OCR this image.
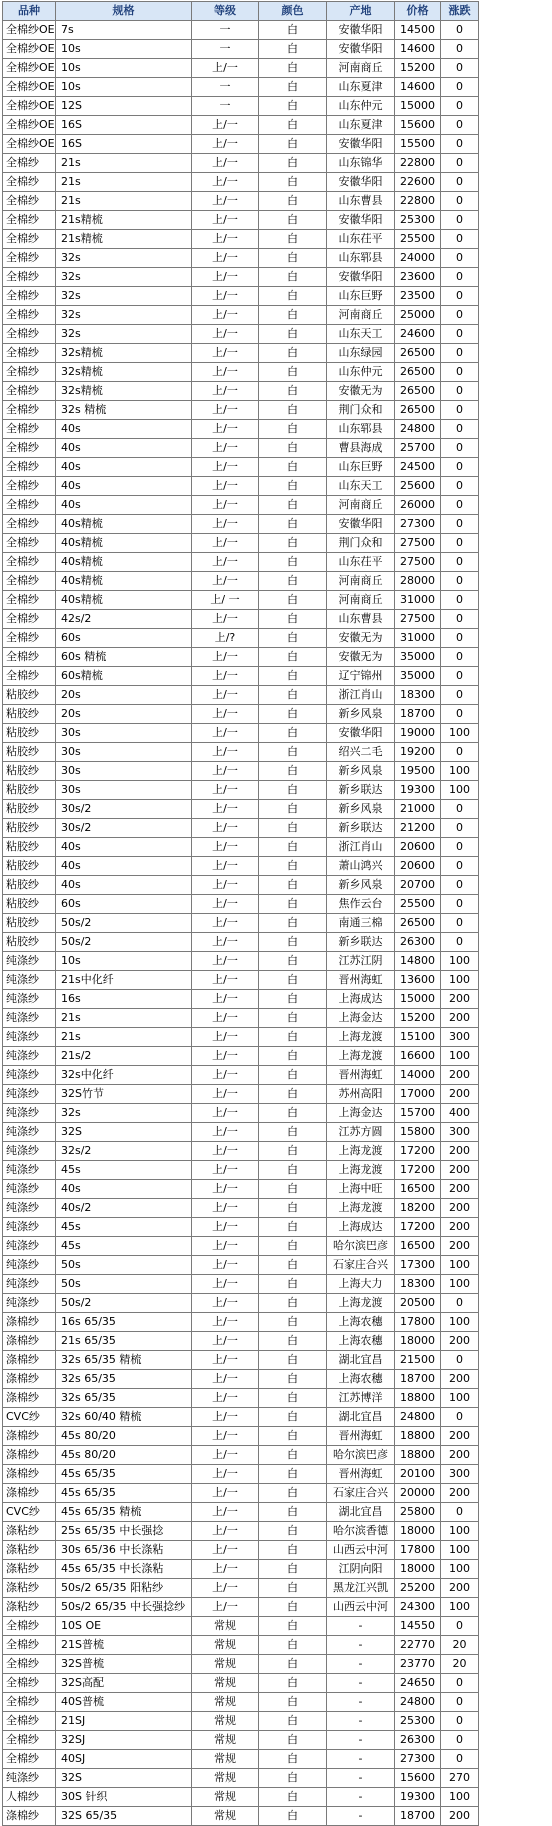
品种	规格	等级	颜色	产地	价格	涨跌
全棉纱OE	7s	一	白	安徽华阳	14500	0
全棉纱OE	10s	一	白	安徽华阳	14600	0
全棉纱OE	10s	上/一	白	河南商丘	15200	0
全棉纱OE	10s	一	白	山东夏津	14600	0
全棉纱OE	12S	一	白	山东仲元	15000	0
全棉纱OE	16S	上/一	白	山东夏津	15600	0
全棉纱OE	16S	上/一	白	安徽华阳	15500	0
全棉纱	21s	上/一	白	山东锦华	22800	0
全棉纱	21s	上/一	白	安徽华阳	22600	0
全棉纱	21s	上/一	白	山东曹县	22800	0
全棉纱	21s精梳	上/一	白	安徽华阳	25300	0
全棉纱	21s精梳	上/一	白	山东茌平	25500	0
全棉纱	32s	上/一	白	山东郓县	24000	0
全棉纱	32s	上/一	白	安徽华阳	23600	0
全棉纱	32s	上/一	白	山东巨野	23500	0
全棉纱	32s	上/一	白	河南商丘	25000	0
全棉纱	32s	上/一	白	山东天工	24600	0
全棉纱	32s精梳	上/一	白	山东绿园	26500	0
全棉纱	32s精梳	上/一	白	山东仲元	26500	0
全棉纱	32s精梳	上/一	白	安徽无为	26500	0
全棉纱	32s 精梳	上/一	白	荆门众和	26500	0
全棉纱	40s	上/一	白	山东郓县	24800	0
全棉纱	40s	上/一	白	曹县海成	25700	0
全棉纱	40s	上/一	白	山东巨野	24500	0
全棉纱	40s	上/一	白	山东天工	25600	0
全棉纱	40s	上/一	白	河南商丘	26000	0
全棉纱	40s精梳	上/一	白	安徽华阳	27300	0
全棉纱	40s精梳	上/一	白	荆门众和	27500	0
全棉纱	40s精梳	上/一	白	山东茌平	27500	0
全棉纱	40s精梳	上/一	白	河南商丘	28000	0
全棉纱	40s精梳	上/ 一	白	河南商丘	31000	0
全棉纱	42s/2	上/一	白	山东曹县	27500	0
全棉纱	60s	上/?	白	安徽无为	31000	0
全棉纱	60s 精梳	上/一	白	安徽无为	35000	0
全棉纱	60s精梳	上/一	白	辽宁锦州	35000	0
粘胶纱	20s	上/一	白	浙江肖山	18300	0
粘胶纱	20s	上/一	白	新乡风泉	18700	0
粘胶纱	30s	上/一	白	安徽华阳	19000	100
粘胶纱	30s	上/一	白	绍兴二毛	19200	0
粘胶纱	30s	上/一	白	新乡风泉	19500	100
粘胶纱	30s	上/一	白	新乡联达	19300	100
粘胶纱	30s/2	上/一	白	新乡风泉	21000	0
粘胶纱	30s/2	上/一	白	新乡联达	21200	0
粘胶纱	40s	上/一	白	浙江肖山	20600	0
粘胶纱	40s	上/一	白	萧山鸿兴	20600	0
粘胶纱	40s	上/一	白	新乡风泉	20700	0
粘胶纱	60s	上/一	白	焦作云台	25500	0
粘胶纱	50s/2	上/一	白	南通三棉	26500	0
粘胶纱	50s/2	上/一	白	新乡联达	26300	0
纯涤纱	10s	上/一	白	江苏江阴	14800	100
纯涤纱	21s中化纤	上/一	白	晋州海虹	13600	100
纯涤纱	16s	上/一	白	上海成达	15000	200
纯涤纱	21s	上/一	白	上海金达	15200	200
纯涤纱	21s	上/一	白	上海龙渡	15100	300
纯涤纱	21s/2	上/一	白	上海龙渡	16600	100
纯涤纱	32s中化纤	上/一	白	晋州海虹	14000	200
纯涤纱	32S竹节	上/一	白	苏州高阳	17000	200
纯涤纱	32s	上/一	白	上海金达	15700	400
纯涤纱	32S	上/一	白	江苏方圆	15800	300
纯涤纱	32s/2	上/一	白	上海龙渡	17200	200
纯涤纱	45s	上/一	白	上海龙渡	17200	200
纯涤纱	40s	上/一	白	上海中旺	16500	200
纯涤纱	40s/2	上/一	白	上海龙渡	18200	200
纯涤纱	45s	上/一	白	上海成达	17200	200
纯涤纱	45s	上/一	白	哈尔滨巴彦	16500	200
纯涤纱	50s	上/一	白	石家庄合兴	17300	100
纯涤纱	50s	上/一	白	上海大力	18300	100
纯涤纱	50s/2	上/一	白	上海龙渡	20500	0
涤棉纱	16s 65/35	上/一	白	上海农穗	17800	100
涤棉纱	21s 65/35	上/一	白	上海农穗	18000	200
涤棉纱	32s 65/35 精梳	上/一	白	湖北宜昌	21500	0
涤棉纱	32s 65/35	上/一	白	上海农穗	18700	200
涤棉纱	32s 65/35	上/一	白	江苏博洋	18800	100
CVC纱	32s 60/40 精梳	上/一	白	湖北宜昌	24800	0
涤棉纱	45s 80/20	上/一	白	晋州海虹	18800	200
涤棉纱	45s 80/20	上/一	白	哈尔滨巴彦	18800	200
涤棉纱	45s 65/35	上/一	白	晋州海虹	20100	300
涤棉纱	45s 65/35	上/一	白	石家庄合兴	20000	200
CVC纱	45s 65/35 精梳	上/一	白	湖北宜昌	25800	0
涤粘纱	25s 65/35 中长强捻	上/一	白	哈尔滨香德	18000	100
涤粘纱	30s 65/36 中长涤粘	上/一	白	山西云中河	17800	100
涤粘纱	45s 65/35 中长涤粘	上/一	白	江阴向阳	18000	100
涤粘纱	50s/2 65/35 阳粘纱	上/一	白	黑龙江兴凯	25200	200
涤粘纱	50s/2 65/35 中长强捻纱	上/一	白	山西云中河	24300	100
全棉纱	10S OE	常规	白	-	14550	0
全棉纱	21S普梳	常规	白	-	22770	20
全棉纱	32S普梳	常规	白	-	23770	20
全棉纱	32S高配	常规	白	-	24650	0
全棉纱	40S普梳	常规	白	-	24800	0
全棉纱	21SJ	常规	白	-	25300	0
全棉纱	32SJ	常规	白	-	26300	0
全棉纱	40SJ	常规	白	-	27300	0
纯涤纱	32S	常规	白	-	15600	270
人棉纱	30S 针织	常规	白	-	19300	100
涤棉纱	32S 65/35	常规	白	-	18700	200
